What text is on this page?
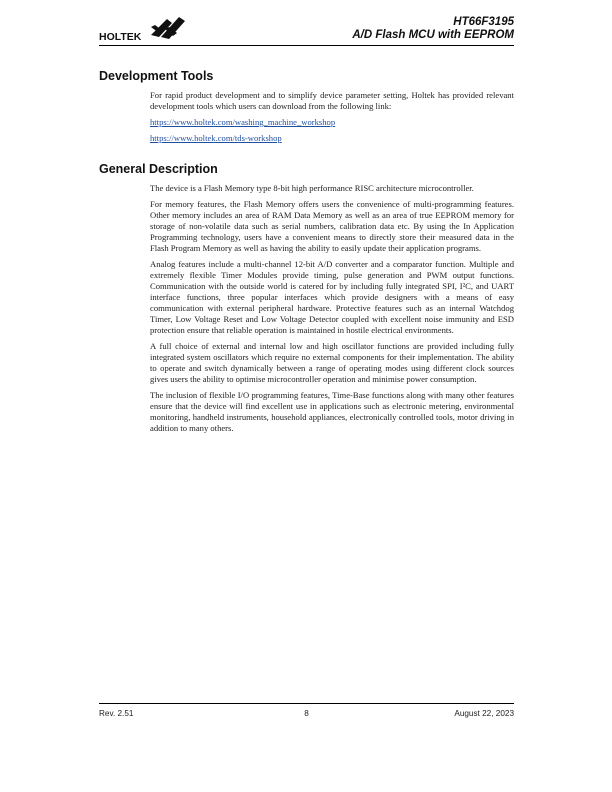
HOLTEK
HT66F3195
A/D Flash MCU with EEPROM
Development Tools

For rapid product development and to simplify device parameter setting, Holtek has provided relevant development tools which users can download from the following link:

https://www.holtek.com/washing_machine_workshop

https://www.holtek.com/tds-workshop

General Description

The device is a Flash Memory type 8-bit high performance RISC architecture microcontroller.

For memory features, the Flash Memory offers users the convenience of multi-programming features. Other memory includes an area of RAM Data Memory as well as an area of true EEPROM memory for storage of non-volatile data such as serial numbers, calibration data etc. By using the In Application Programming technology, users have a convenient means to directly store their measured data in the Flash Program Memory as well as having the ability to easily update their application programs.

Analog features include a multi-channel 12-bit A/D converter and a comparator function. Multiple and extremely flexible Timer Modules provide timing, pulse generation and PWM output functions. Communication with the outside world is catered for by including fully integrated SPI, I²C, and UART interface functions, three popular interfaces which provide designers with a means of easy communication with external peripheral hardware. Protective features such as an internal Watchdog Timer, Low Voltage Reset and Low Voltage Detector coupled with excellent noise immunity and ESD protection ensure that reliable operation is maintained in hostile electrical environments.

A full choice of external and internal low and high oscillator functions are provided including fully integrated system oscillators which require no external components for their implementation. The ability to operate and switch dynamically between a range of operating modes using different clock sources gives users the ability to optimise microcontroller operation and minimise power consumption.

The inclusion of flexible I/O programming features, Time-Base functions along with many other features ensure that the device will find excellent use in applications such as electronic metering, environmental monitoring, handheld instruments, household appliances, electronically controlled tools, motor driving in addition to many others.

Rev. 2.51	8	August 22, 2023
